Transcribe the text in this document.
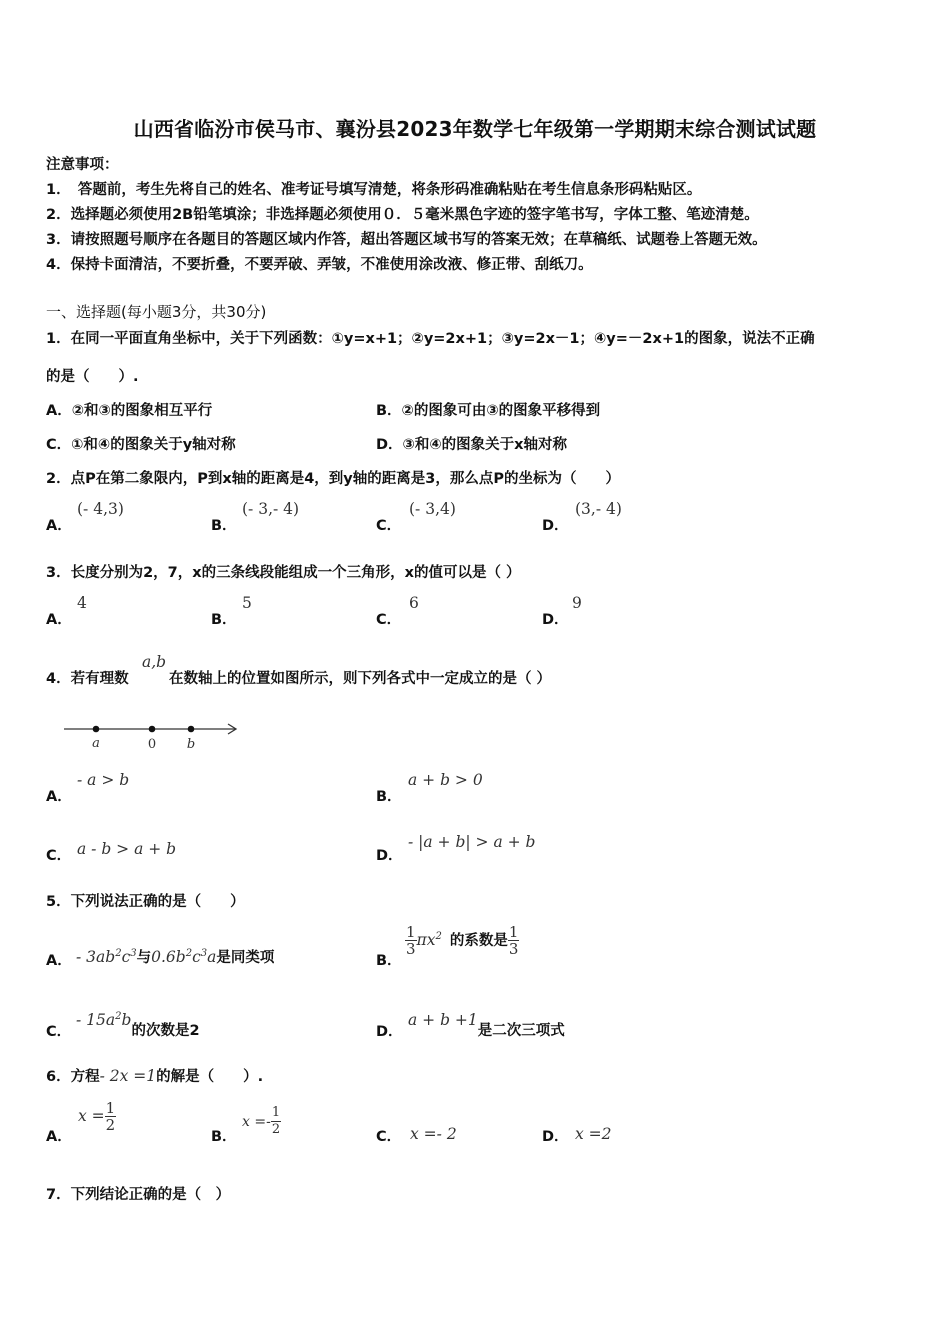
山西省临汾市侯马市、襄汾县2023年数学七年级第一学期期末综合测试试题
注意事项：
1．　答题前，考生先将自己的姓名、准考证号填写清楚，将条形码准确粘贴在考生信息条形码粘贴区。
2．选择题必须使用2B铅笔填涂；非选择题必须使用０．５毫米黑色字迹的签字笔书写，字体工整、笔迹清楚。
3．请按照题号顺序在各题目的答题区域内作答，超出答题区域书写的答案无效；在草稿纸、试题卷上答题无效。
4．保持卡面清洁，不要折叠，不要弄破、弄皱，不准使用涂改液、修正带、刮纸刀。
一、选择题(每小题3分，共30分)
1．在同一平面直角坐标中，关于下列函数：①y=x+1；②y=2x+1；③y=2x－1；④y=－2x+1的图象，说法不正确
的是（　　）.
A．②和③的图象相互平行	B．②的图象可由③的图象平移得到
C．①和④的图象关于y轴对称	D．③和④的图象关于x轴对称
2．点P在第二象限内，P到x轴的距离是4，到y轴的距离是3，那么点P的坐标为（　　）
A．
(- 4,3)
B．
(- 3,- 4)
C．
(- 3,4)
D．
(3,- 4)
3．长度分别为2，7，x的三条线段能组成一个三角形，x的值可以是（ ）
A．
4
B．
5
C．
6
D．
9
4．若有理数
a,b
在数轴上的位置如图所示，则下列各式中一定成立的是（ ）
a	0 b
A．
- a > b
B．
a + b > 0
C． a - b > a + b	D．
- |a + b| > a + b
5．下列说法正确的是（　　）
A． - $3ab^2c^3$与$0.6b^2c^3a$是同类项	B．
$\frac{1}{3} \pi x^2$ 的系数是 $\frac{1}{3}$
C．
- $15a^2b$的次数是2	D．
a + b +1是二次三项式
6．方程- 2x =1的解是（　　）.
A．
$x = \frac{1}{2}$
B．
$x =- \frac{1}{2}$	C． x =- 2	D． x =2
7．下列结论正确的是（　）
